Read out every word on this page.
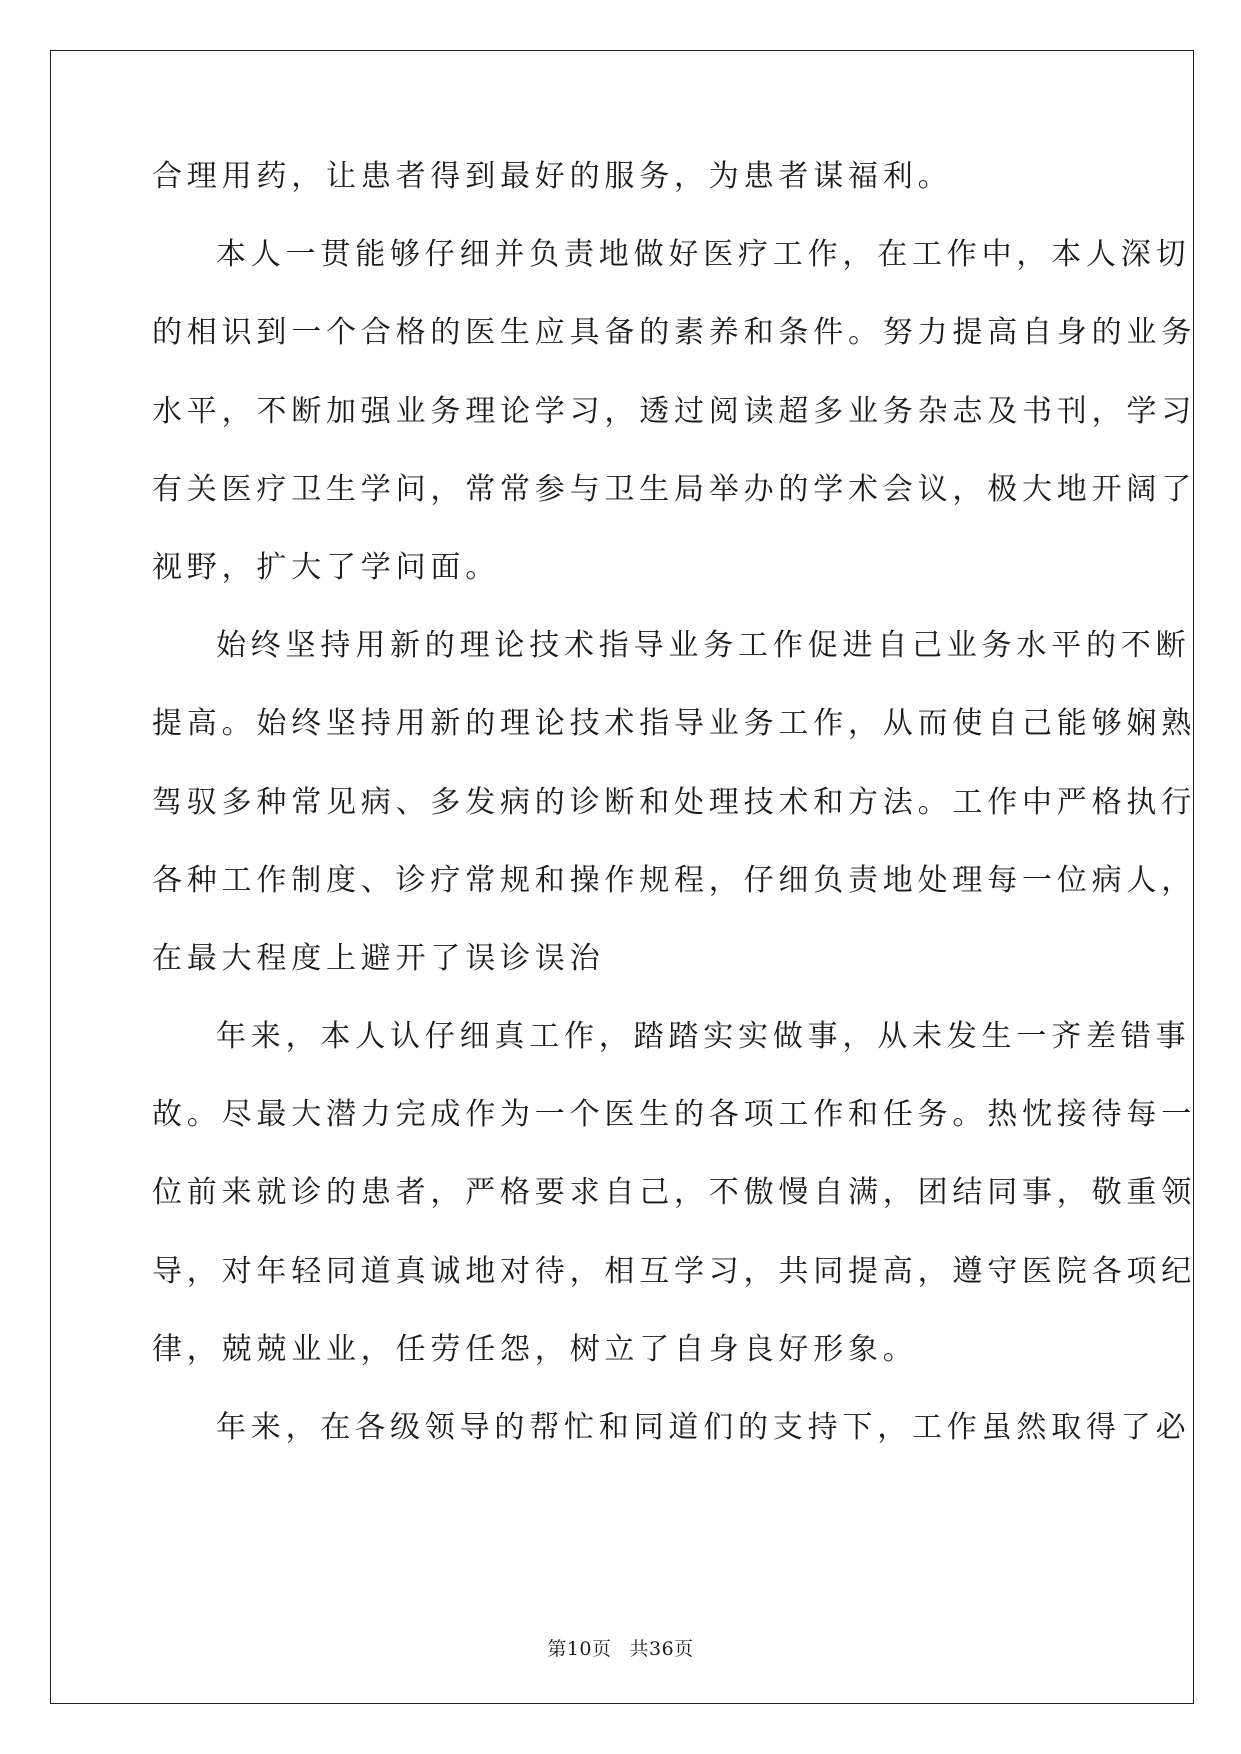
合理用药，让患者得到最好的服务，为患者谋福利。
本人一贯能够仔细并负责地做好医疗工作，在工作中，本人深切
的相识到一个合格的医生应具备的素养和条件。努力提高自身的业务
水平，不断加强业务理论学习，透过阅读超多业务杂志及书刊，学习
有关医疗卫生学问，常常参与卫生局举办的学术会议，极大地开阔了
视野，扩大了学问面。
始终坚持用新的理论技术指导业务工作促进自己业务水平的不断
提高。始终坚持用新的理论技术指导业务工作，从而使自己能够娴熟
驾驭多种常见病、多发病的诊断和处理技术和方法。工作中严格执行
各种工作制度、诊疗常规和操作规程，仔细负责地处理每一位病人，
在最大程度上避开了误诊误治
年来，本人认仔细真工作，踏踏实实做事，从未发生一齐差错事
故。尽最大潜力完成作为一个医生的各项工作和任务。热忱接待每一
位前来就诊的患者，严格要求自己，不傲慢自满，团结同事，敬重领
导，对年轻同道真诚地对待，相互学习，共同提高，遵守医院各项纪
律，兢兢业业，任劳任怨，树立了自身良好形象。
年来，在各级领导的帮忙和同道们的支持下，工作虽然取得了必
第10页 共36页
